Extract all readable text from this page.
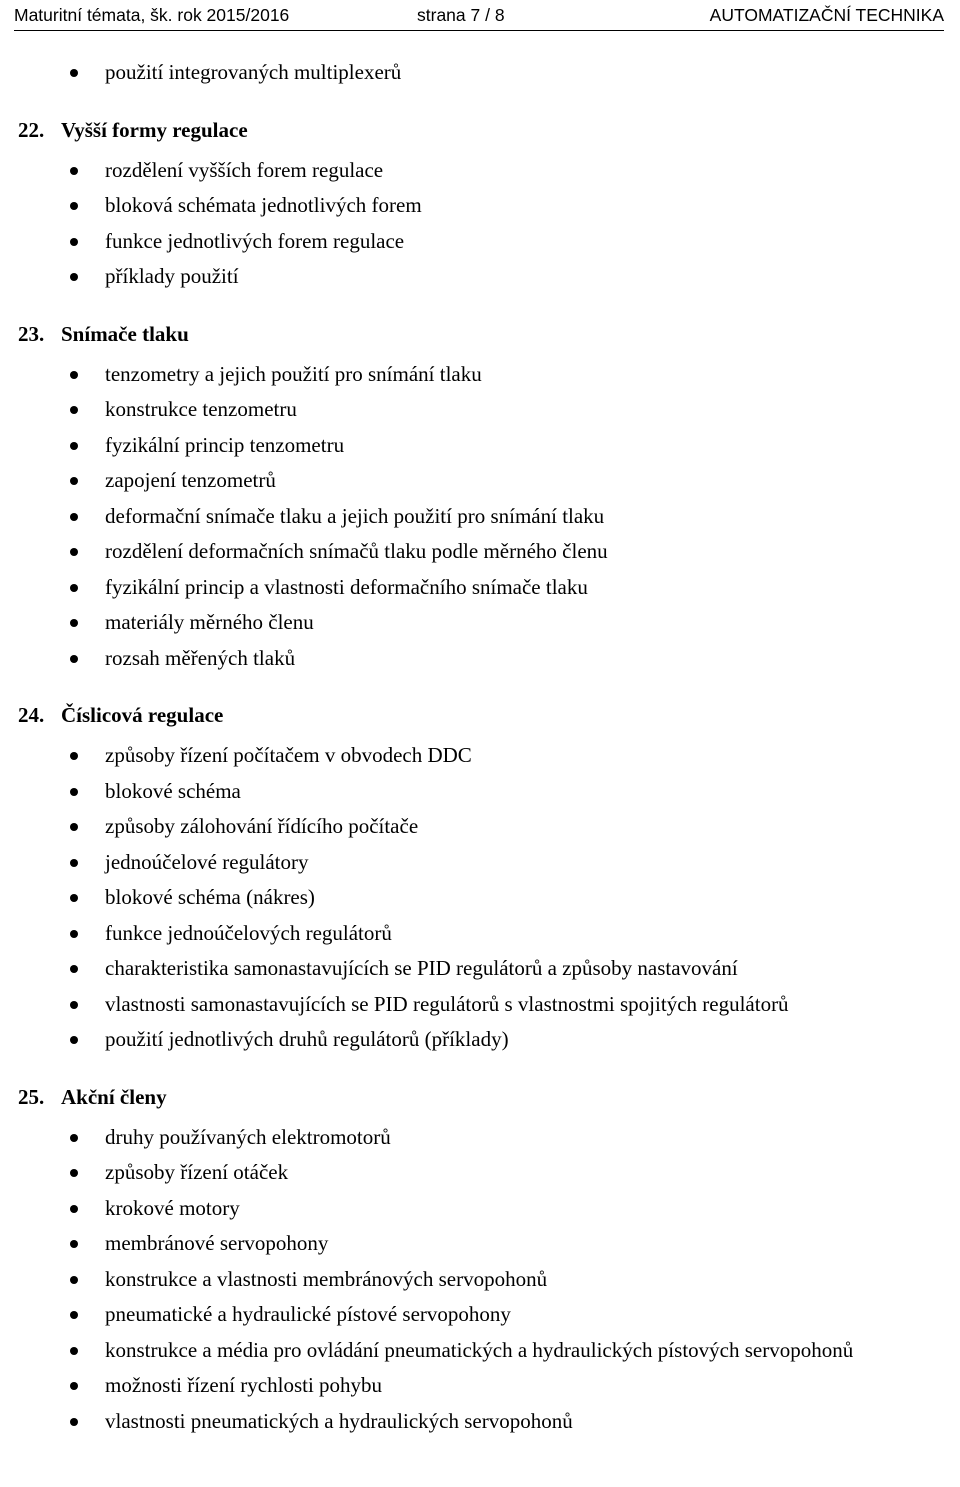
Maturitní témata, šk. rok 2015/2016	strana 7 / 8	AUTOMATIZAČNÍ TECHNIKA
použití integrovaných multiplexerů
22. Vyšší formy regulace
rozdělení vyšších forem regulace
bloková schémata jednotlivých forem
funkce jednotlivých forem regulace
příklady použití
23. Snímače tlaku
tenzometry a jejich použití pro snímání tlaku
konstrukce tenzometru
fyzikální princip tenzometru
zapojení tenzometrů
deformační snímače tlaku a jejich použití pro snímání tlaku
rozdělení deformačních snímačů tlaku podle měrného členu
fyzikální princip a vlastnosti deformačního snímače tlaku
materiály měrného členu
rozsah měřených tlaků
24. Číslicová regulace
způsoby řízení počítačem v obvodech DDC
blokové schéma
způsoby zálohování řídícího počítače
jednoúčelové regulátory
blokové schéma (nákres)
funkce jednoúčelových regulátorů
charakteristika samonastavujících se PID regulátorů a způsoby nastavování
vlastnosti samonastavujících se PID regulátorů s vlastnostmi spojitých regulátorů
použití jednotlivých druhů regulátorů (příklady)
25. Akční členy
druhy používaných elektromotorů
způsoby řízení otáček
krokové motory
membránové servopohony
konstrukce a vlastnosti membránových servopohonů
pneumatické a hydraulické pístové servopohony
konstrukce a média pro ovládání pneumatických a hydraulických pístových servopohonů
možnosti řízení rychlosti pohybu
vlastnosti pneumatických a hydraulických servopohonů
